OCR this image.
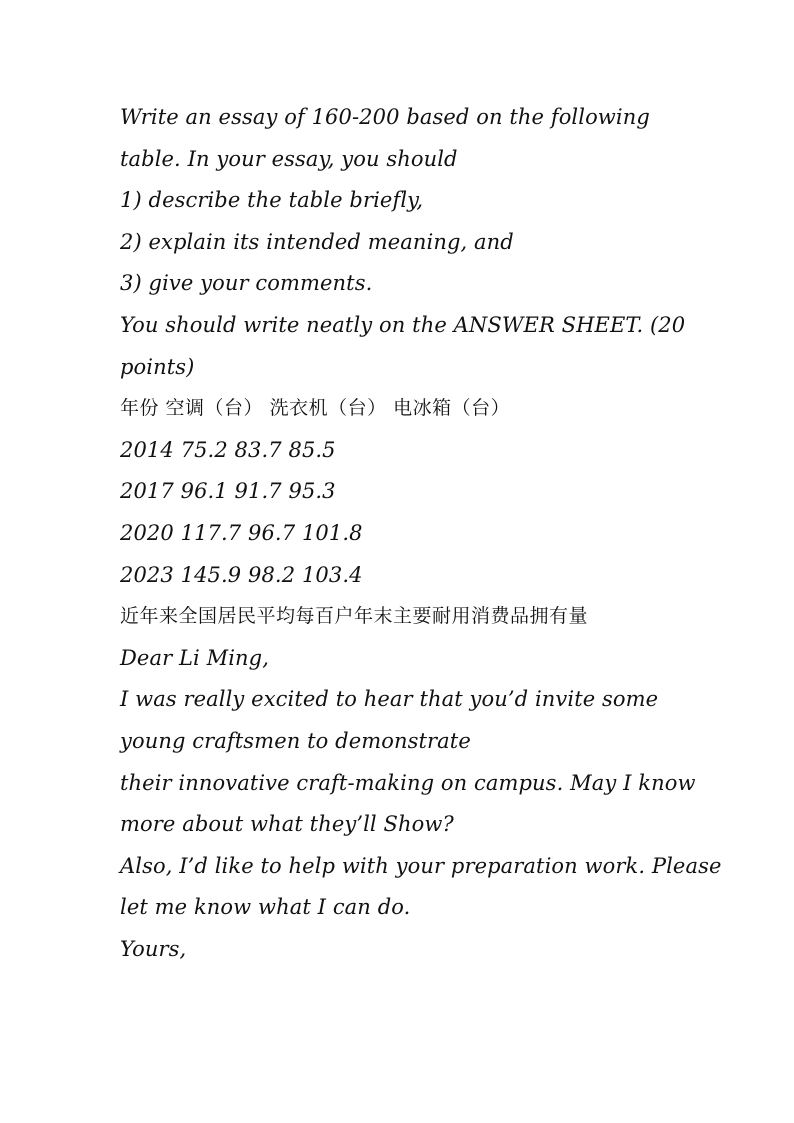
Write an essay of 160-200 based on the following
table. In your essay, you should
1) describe the table briefly,
2) explain its intended meaning, and
3) give your comments.
You should write neatly on the ANSWER SHEET. (20
points)
年份 空调（台） 洗衣机（台） 电冰箱（台）
2014 75.2 83.7 85.5
2017 96.1 91.7 95.3
2020 117.7 96.7 101.8
2023 145.9 98.2 103.4
近年来全国居民平均每百户年末主要耐用消费品拥有量
Dear Li Ming,
I was really excited to hear that you’d invite some
young craftsmen to demonstrate
their innovative craft-making on campus. May I know
more about what they’ll Show?
Also, I’d like to help with your preparation work. Please
let me know what I can do.
Yours,
